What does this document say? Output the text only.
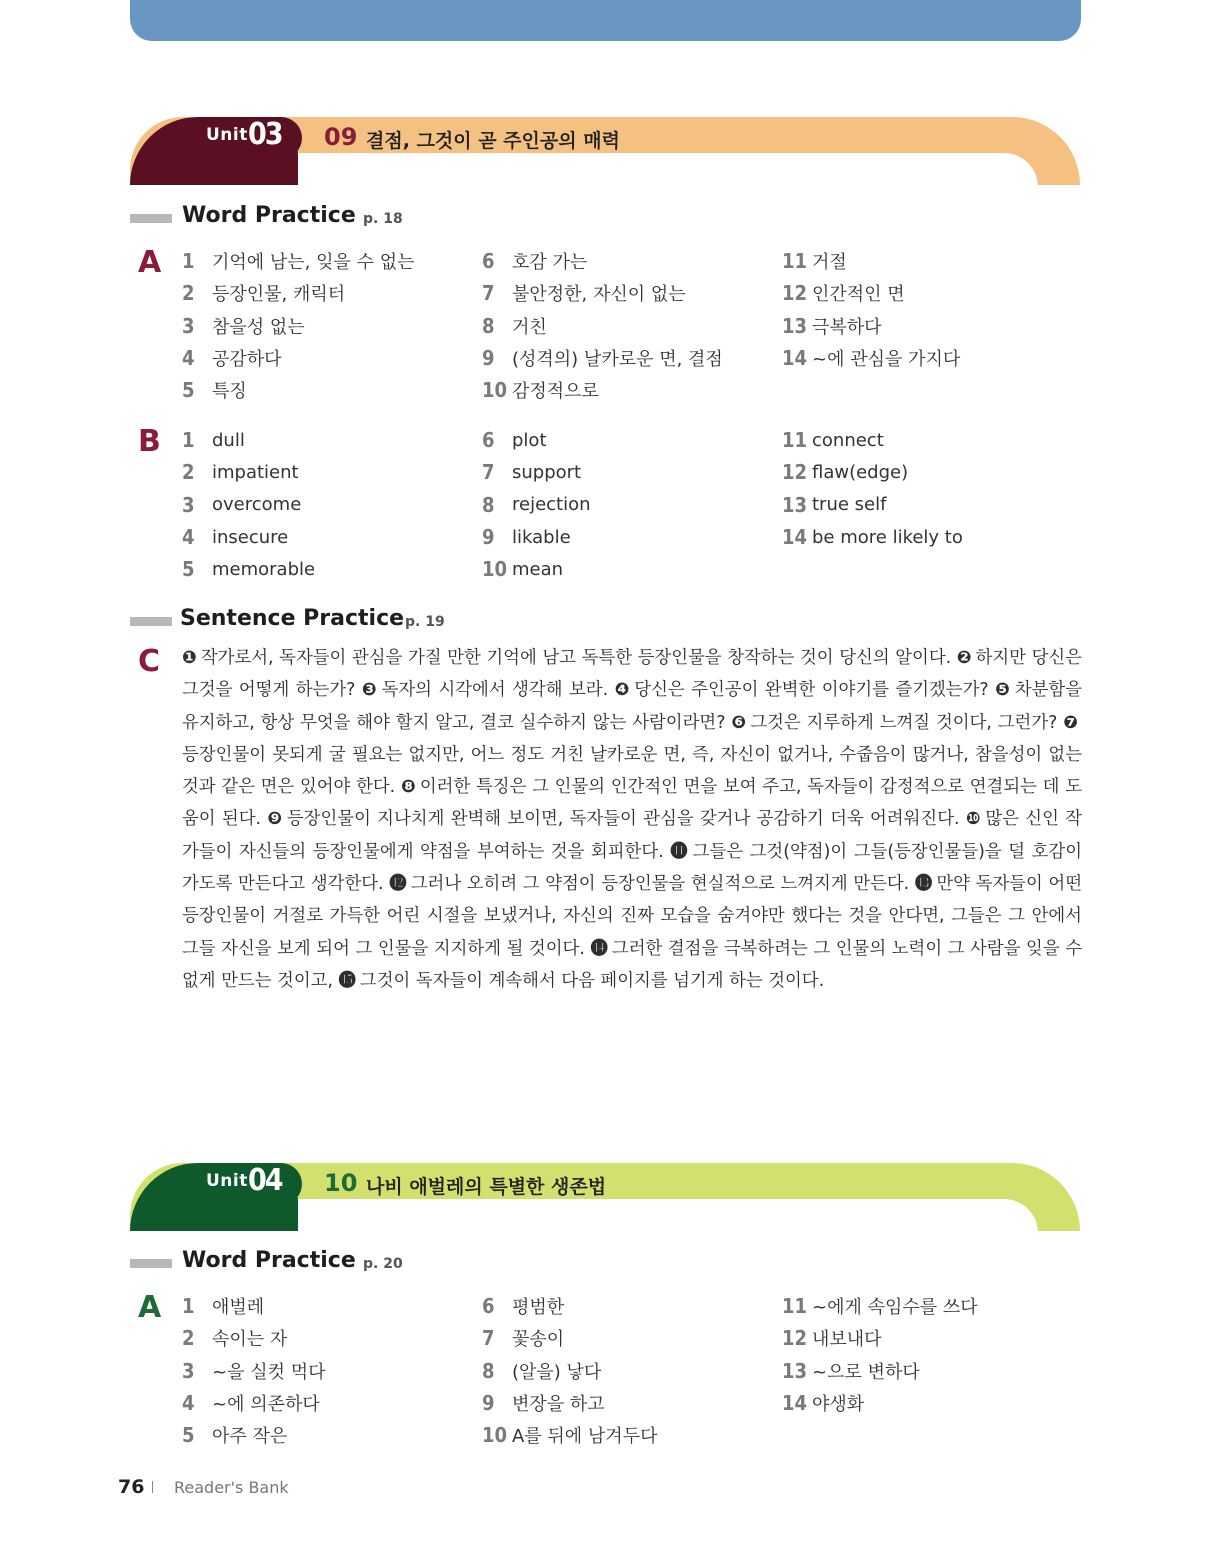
Unit 03 09 결점, 그것이 곧 주인공의 매력
Word Practice p. 18
A 1 기억에 남는, 잊을 수 없는
2 등장인물, 캐릭터
3 참을성 없는
4 공감하다
5 특징
6 호감 가는
7 불안정한, 자신이 없는
8 거친
9 (성격의) 날카로운 면, 결점
10 감정적으로
11 거절
12 인간적인 면
13 극복하다
14 ~에 관심을 가지다
B 1 dull
2 impatient
3 overcome
4 insecure
5 memorable
6 plot
7 support
8 rejection
9 likable
10 mean
11 connect
12 flaw(edge)
13 true self
14 be more likely to
Sentence Practice p. 19
C ❶ 작가로서, 독자들이 관심을 가질 만한 기억에 남고 독특한 등장인물을 창작하는 것이 당신의 알이다. ❷ 하지만 당신은 그것을 어떻게 하는가? ❸ 독자의 시각에서 생각해 보라. ❹ 당신은 주인공이 완벽한 이야기를 즐기겠는가? ❺ 차분함을 유지하고, 항상 무엇을 해야 할지 알고, 결코 실수하지 않는 사람이라면? ❻ 그것은 지루하게 느껴질 것이다, 그런가? ❼등장인물이 못되게 굴 필요는 없지만, 어느 정도 거친 날카로운 면, 즉, 자신이 없거나, 수줍음이 많거나, 참을성이 없는 것과 같은 면은 있어야 한다. ❽ 이러한 특징은 그 인물의 인간적인 면을 보여 주고, 독자들이 감정적으로 연결되는 데 도움이 된다. ❾ 등장인물이 지나치게 완벽해 보이면, 독자들이 관심을 갖거나 공감하기 더욱 어려워진다. ❿ 많은 신인 작가들이 자신들의 등장인물에게 약점을 부여하는 것을 회피한다. ⓫ 그들은 그것(약점)이 그들(등장인물들)을 덜 호감이 가도록 만든다고 생각한다. ⓬ 그러나 오히려 그 약점이 등장인물을 현실적으로 느껴지게 만든다. ⓭ 만약 독자들이 어떤 등장인물이 거절로 가득한 어린 시절을 보냈거나, 자신의 진짜 모습을 숨겨야만 했다는 것을 안다면, 그들은 그 안에서 그들 자신을 보게 되어 그 인물을 지지하게 될 것이다. ⓮ 그러한 결점을 극복하려는 그 인물의 노력이 그 사람을 잊을 수 없게 만드는 것이고, ⓯ 그것이 독자들이 계속해서 다음 페이지를 넘기게 하는 것이다.
Unit 04 10 나비 애벌레의 특별한 생존법
Word Practice p. 20
A 1 애벌레
2 속이는 자
3 ~을 실컷 먹다
4 ~에 의존하다
5 아주 작은
6 평범한
7 꽃송이
8 (알을) 낳다
9 변장을 하고
10 A를 뒤에 남겨두다
11 ~에게 속임수를 쓰다
12 내보내다
13 ~으로 변하다
14 야생화
76 Reader's Bank
